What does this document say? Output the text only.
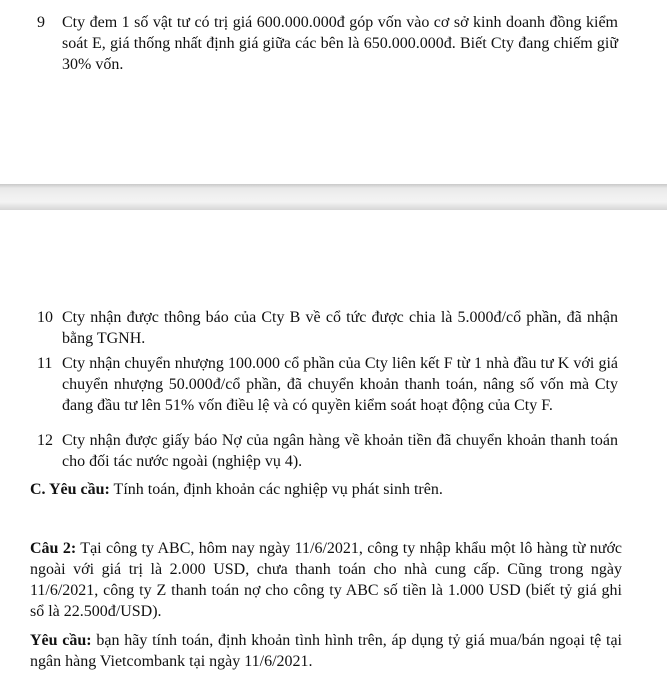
9 Cty đem 1 số vật tư có trị giá 600.000.000đ góp vốn vào cơ sở kinh doanh đồng kiểm soát E, giá thống nhất định giá giữa các bên là 650.000.000đ. Biết Cty đang chiếm giữ 30% vốn.
10 Cty nhận được thông báo của Cty B về cổ tức được chia là 5.000đ/cổ phần, đã nhận bằng TGNH.
11 Cty nhận chuyển nhượng 100.000 cổ phần của Cty liên kết F từ 1 nhà đầu tư K với giá chuyển nhượng 50.000đ/cổ phần, đã chuyển khoản thanh toán, nâng số vốn mà Cty đang đầu tư lên 51% vốn điều lệ và có quyền kiểm soát hoạt động của Cty F.
12 Cty nhận được giấy báo Nợ của ngân hàng về khoản tiền đã chuyển khoản thanh toán cho đối tác nước ngoài (nghiệp vụ 4).
C. Yêu cầu: Tính toán, định khoản các nghiệp vụ phát sinh trên.
Câu 2: Tại công ty ABC, hôm nay ngày 11/6/2021, công ty nhập khẩu một lô hàng từ nước ngoài với giá trị là 2.000 USD, chưa thanh toán cho nhà cung cấp. Cũng trong ngày 11/6/2021, công ty Z thanh toán nợ cho công ty ABC số tiền là 1.000 USD (biết tỷ giá ghi sổ là 22.500đ/USD).
Yêu cầu: bạn hãy tính toán, định khoản tình hình trên, áp dụng tỷ giá mua/bán ngoại tệ tại ngân hàng Vietcombank tại ngày 11/6/2021.
